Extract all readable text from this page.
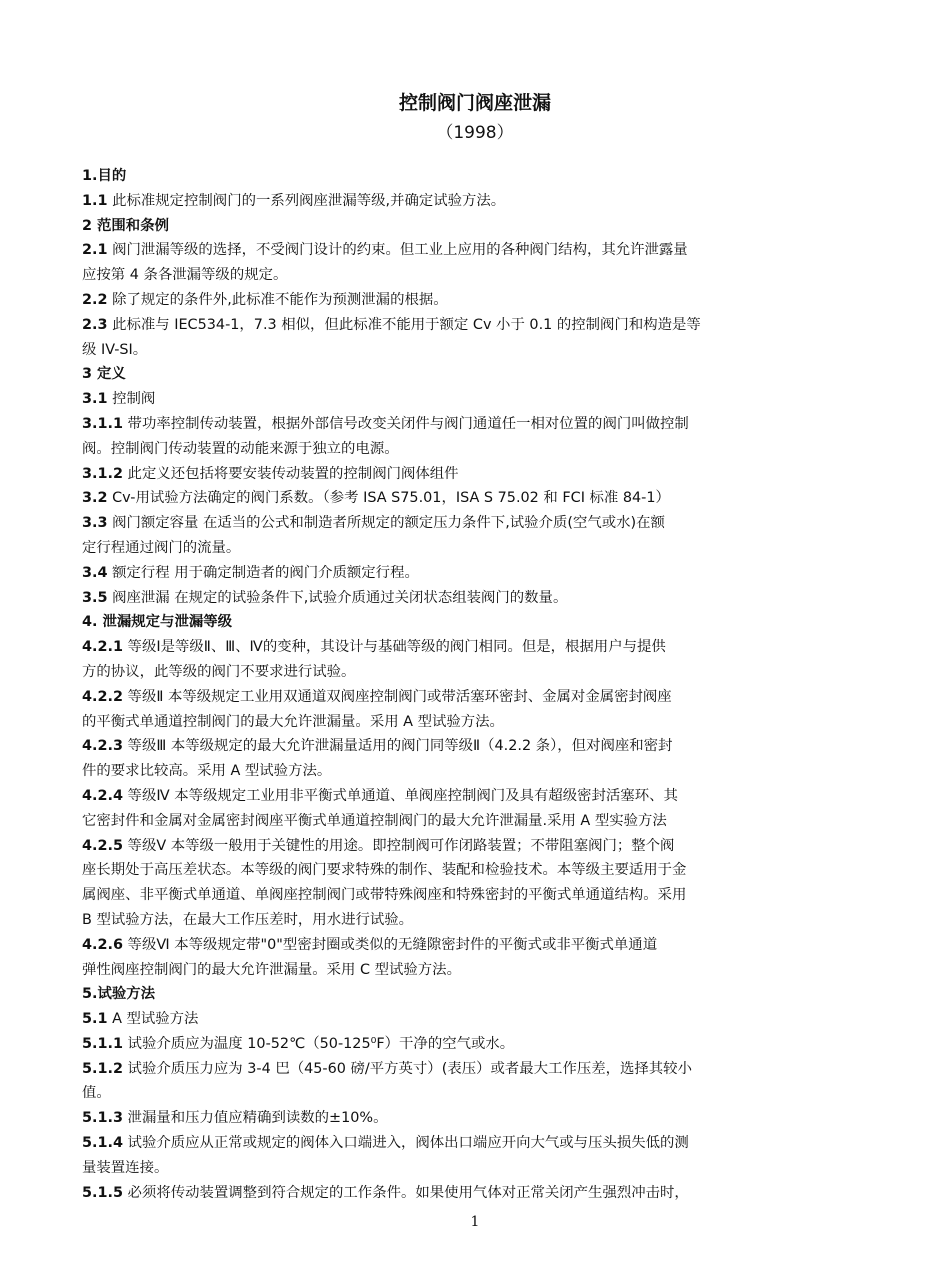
控制阀门阀座泄漏
（1998）
1.目的
1.1 此标准规定控制阀门的一系列阀座泄漏等级,并确定试验方法。
2 范围和条例
2.1 阀门泄漏等级的选择，不受阀门设计的约束。但工业上应用的各种阀门结构，其允许泄露量
应按第 4 条各泄漏等级的规定。
2.2 除了规定的条件外,此标准不能作为预测泄漏的根据。
2.3 此标准与 IEC534-1，7.3 相似，但此标准不能用于额定 Cv 小于 0.1 的控制阀门和构造是等
级 IV-SI。
3 定义
3.1 控制阀
3.1.1 带功率控制传动装置，根据外部信号改变关闭件与阀门通道任一相对位置的阀门叫做控制
阀。控制阀门传动装置的动能来源于独立的电源。
3.1.2 此定义还包括将要安装传动装置的控制阀门阀体组件
3.2 Cv-用试验方法确定的阀门系数。（参考 ISA S75.01，ISA S 75.02 和 FCI 标准 84-1）
3.3 阀门额定容量 在适当的公式和制造者所规定的额定压力条件下,试验介质(空气或水)在额
定行程通过阀门的流量。
3.4 额定行程 用于确定制造者的阀门介质额定行程。
3.5 阀座泄漏 在规定的试验条件下,试验介质通过关闭状态组装阀门的数量。
4. 泄漏规定与泄漏等级
4.2.1 等级Ⅰ是等级Ⅱ、Ⅲ、Ⅳ的变种，其设计与基础等级的阀门相同。但是，根据用户与提供
方的协议，此等级的阀门不要求进行试验。
4.2.2 等级Ⅱ 本等级规定工业用双通道双阀座控制阀门或带活塞环密封、金属对金属密封阀座
的平衡式单通道控制阀门的最大允许泄漏量。采用 A 型试验方法。
4.2.3 等级Ⅲ 本等级规定的最大允许泄漏量适用的阀门同等级Ⅱ（4.2.2 条），但对阀座和密封
件的要求比较高。采用 A 型试验方法。
4.2.4 等级Ⅳ 本等级规定工业用非平衡式单通道、单阀座控制阀门及具有超级密封活塞环、其
它密封件和金属对金属密封阀座平衡式单通道控制阀门的最大允许泄漏量.采用 A 型实验方法
4.2.5 等级Ⅴ 本等级一般用于关键性的用途。即控制阀可作闭路装置；不带阻塞阀门；整个阀
座长期处于高压差状态。本等级的阀门要求特殊的制作、装配和检验技术。本等级主要适用于金
属阀座、非平衡式单通道、单阀座控制阀门或带特殊阀座和特殊密封的平衡式单通道结构。采用
B 型试验方法，在最大工作压差时，用水进行试验。
4.2.6 等级Ⅵ 本等级规定带"0"型密封圈或类似的无缝隙密封件的平衡式或非平衡式单通道
弹性阀座控制阀门的最大允许泄漏量。采用 C 型试验方法。
5.试验方法
5.1 A 型试验方法
5.1.1 试验介质应为温度 10-52℃（50-125⁰F）干净的空气或水。
5.1.2 试验介质压力应为 3-4 巴（45-60 磅/平方英寸）(表压）或者最大工作压差，选择其较小
值。
5.1.3 泄漏量和压力值应精确到读数的±10%。
5.1.4 试验介质应从正常或规定的阀体入口端进入，阀体出口端应开向大气或与压头损失低的测
量装置连接。
5.1.5 必须将传动装置调整到符合规定的工作条件。如果使用气体对正常关闭产生强烈冲击时，
1
